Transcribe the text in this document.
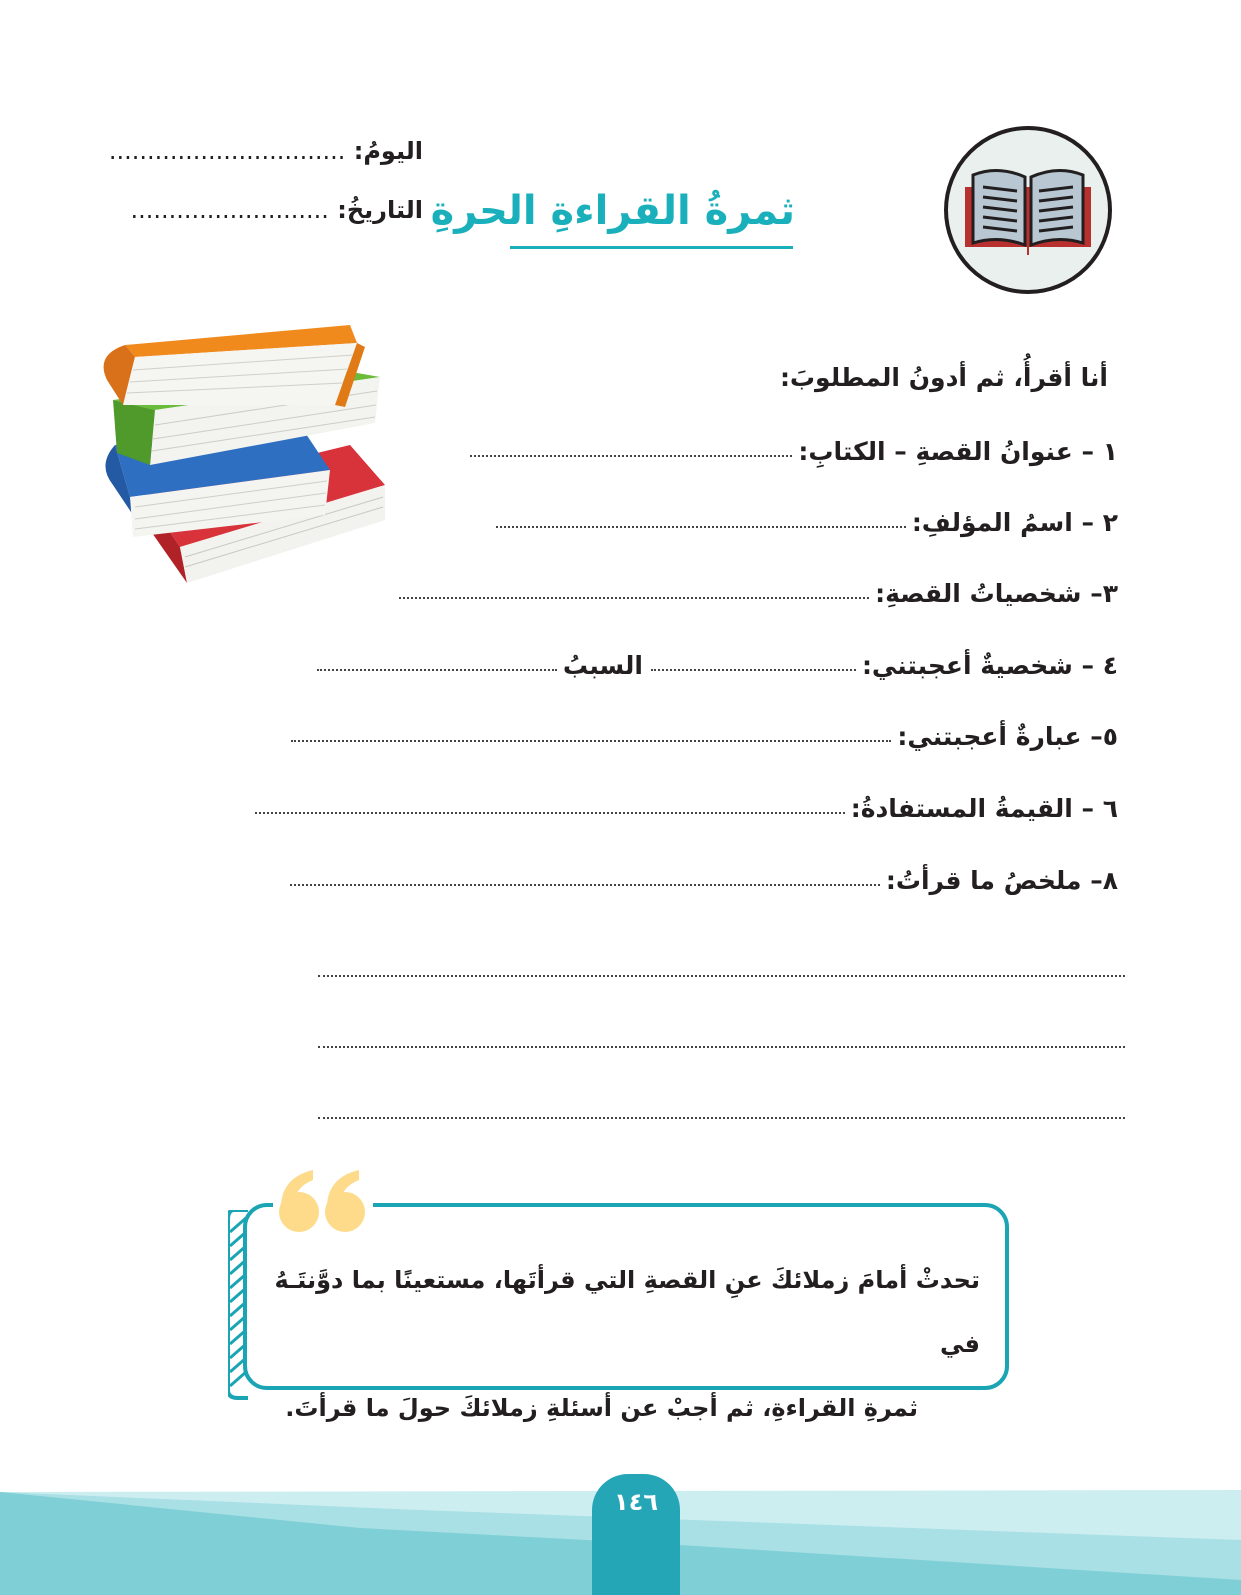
ثمرةُ القراءةِ الحرةِ
اليومُ: ...............................
التاريخُ: ..........................
أنا أقرأُ، ثم أدونُ المطلوبَ:
١ – عنوانُ القصةِ – الكتابِ:
٢ – اسمُ المؤلفِ:
٣– شخصياتُ القصةِ:
٤ – شخصيةٌ أعجبتني:
السببُ
٥– عبارةٌ أعجبتني:
٦ – القيمةُ المستفادةُ:
٨– ملخصُ ما قرأتُ:
تحدثْ أمامَ زملائكَ عنِ القصةِ التي قرأتَها، مستعينًا بما دوَّنتَـهُ في
ثمرةِ القراءةِ، ثم أجبْ عن أسئلةِ زملائكَ حولَ ما قرأتَ.
١٤٦
